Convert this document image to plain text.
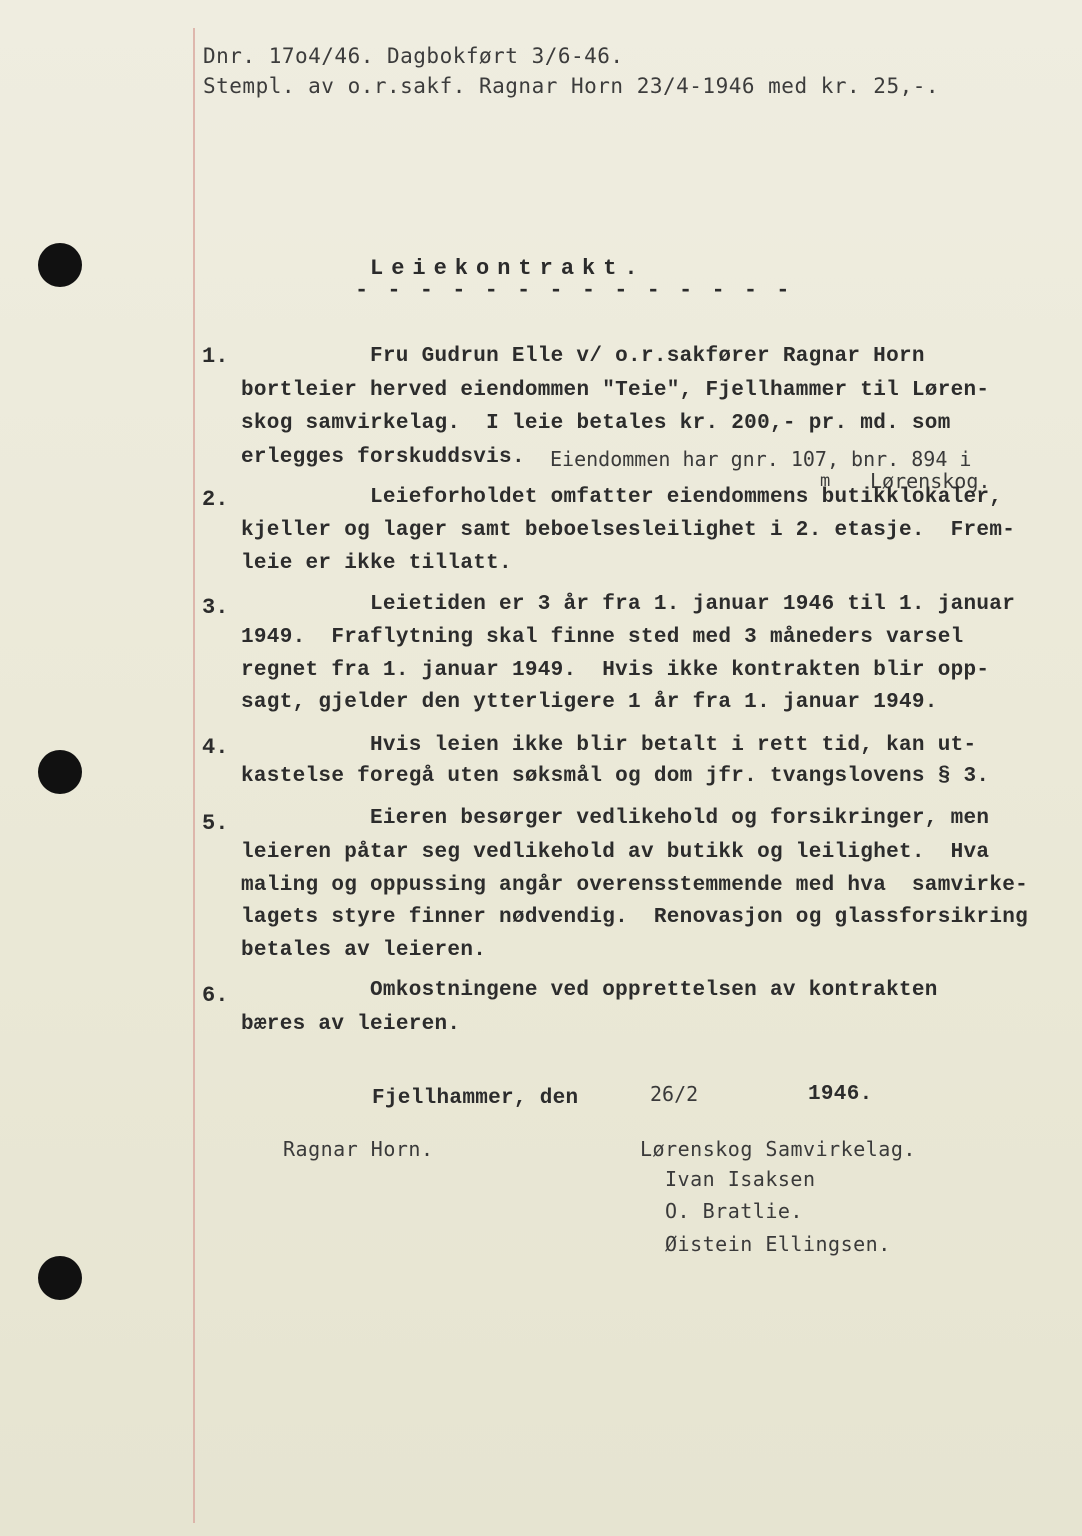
Dnr. 17o4/46. Dagbokført 3/6-46.
Stempl. av o.r.sakf. Ragnar Horn 23/4-1946 med kr. 25,-.
Leiekontrakt.
- - - - - - - - - - - - - -
1.	Fru Gudrun Elle v/ o.r.sakfører Ragnar Horn
bortleier herved eiendommen "Teie", Fjellhammer til Løren-
skog samvirkelag.  I leie betales kr. 200,- pr. md. som
erlegges forskuddsvis. Eiendommen har gnr. 107, bnr. 894 i
m Lørenskog.
2.	Leieforholdet omfatter eiendommens butikklokaler,
kjeller og lager samt beboelsesleilighet i 2. etasje.  Frem-
leie er ikke tillatt.
3.	Leietiden er 3 år fra 1. januar 1946 til 1. januar
1949.  Fraflytning skal finne sted med 3 måneders varsel
regnet fra 1. januar 1949.  Hvis ikke kontrakten blir opp-
sagt, gjelder den ytterligere 1 år fra 1. januar 1949.
4.	Hvis leien ikke blir betalt i rett tid, kan ut-
kastelse foregå uten søksmål og dom jfr. tvangslovens § 3.
5.	Eieren besørger vedlikehold og forsikringer, men
leieren påtar seg vedlikehold av butikk og leilighet.  Hva
maling og oppussing angår overensstemmende med hva  samvirke-
lagets styre finner nødvendig.  Renovasjon og glassforsikring
betales av leieren.
6.	Omkostningene ved opprettelsen av kontrakten
bæres av leieren.
Fjellhammer, den	26/2	1946.
Ragnar Horn.	Lørenskog Samvirkelag.
Ivan Isaksen
O. Bratlie.
Øistein Ellingsen.
